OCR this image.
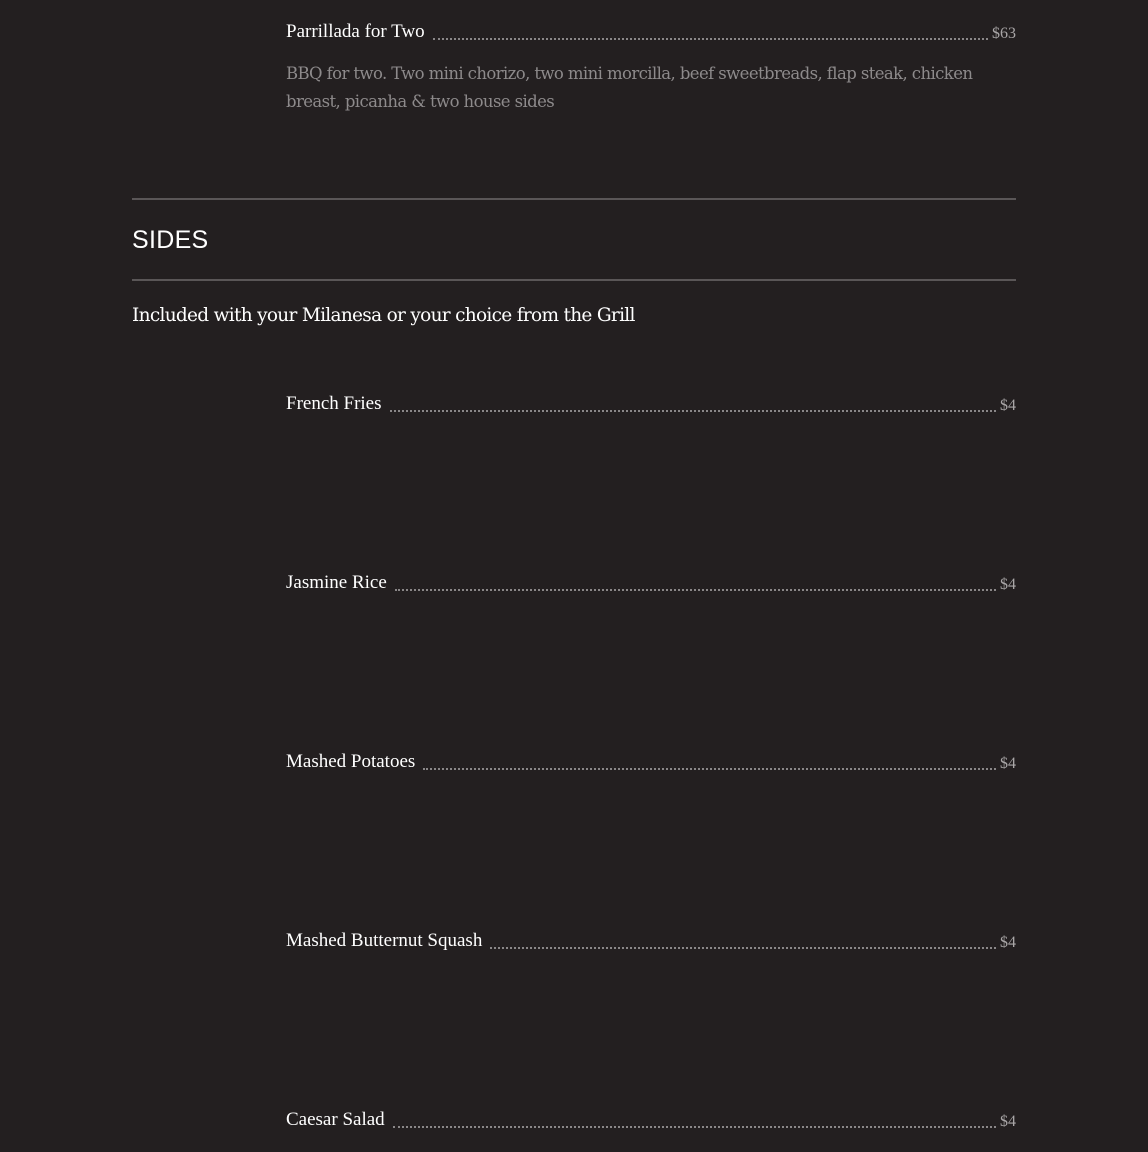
Parrillada for Two	$63
BBQ for two. Two mini chorizo, two mini morcilla, beef sweetbreads, flap steak, chicken breast, picanha & two house sides
SIDES
Included with your Milanesa or your choice from the Grill
French Fries	$4
Jasmine Rice	$4
Mashed Potatoes	$4
Mashed Butternut Squash	$4
Caesar Salad	$4
